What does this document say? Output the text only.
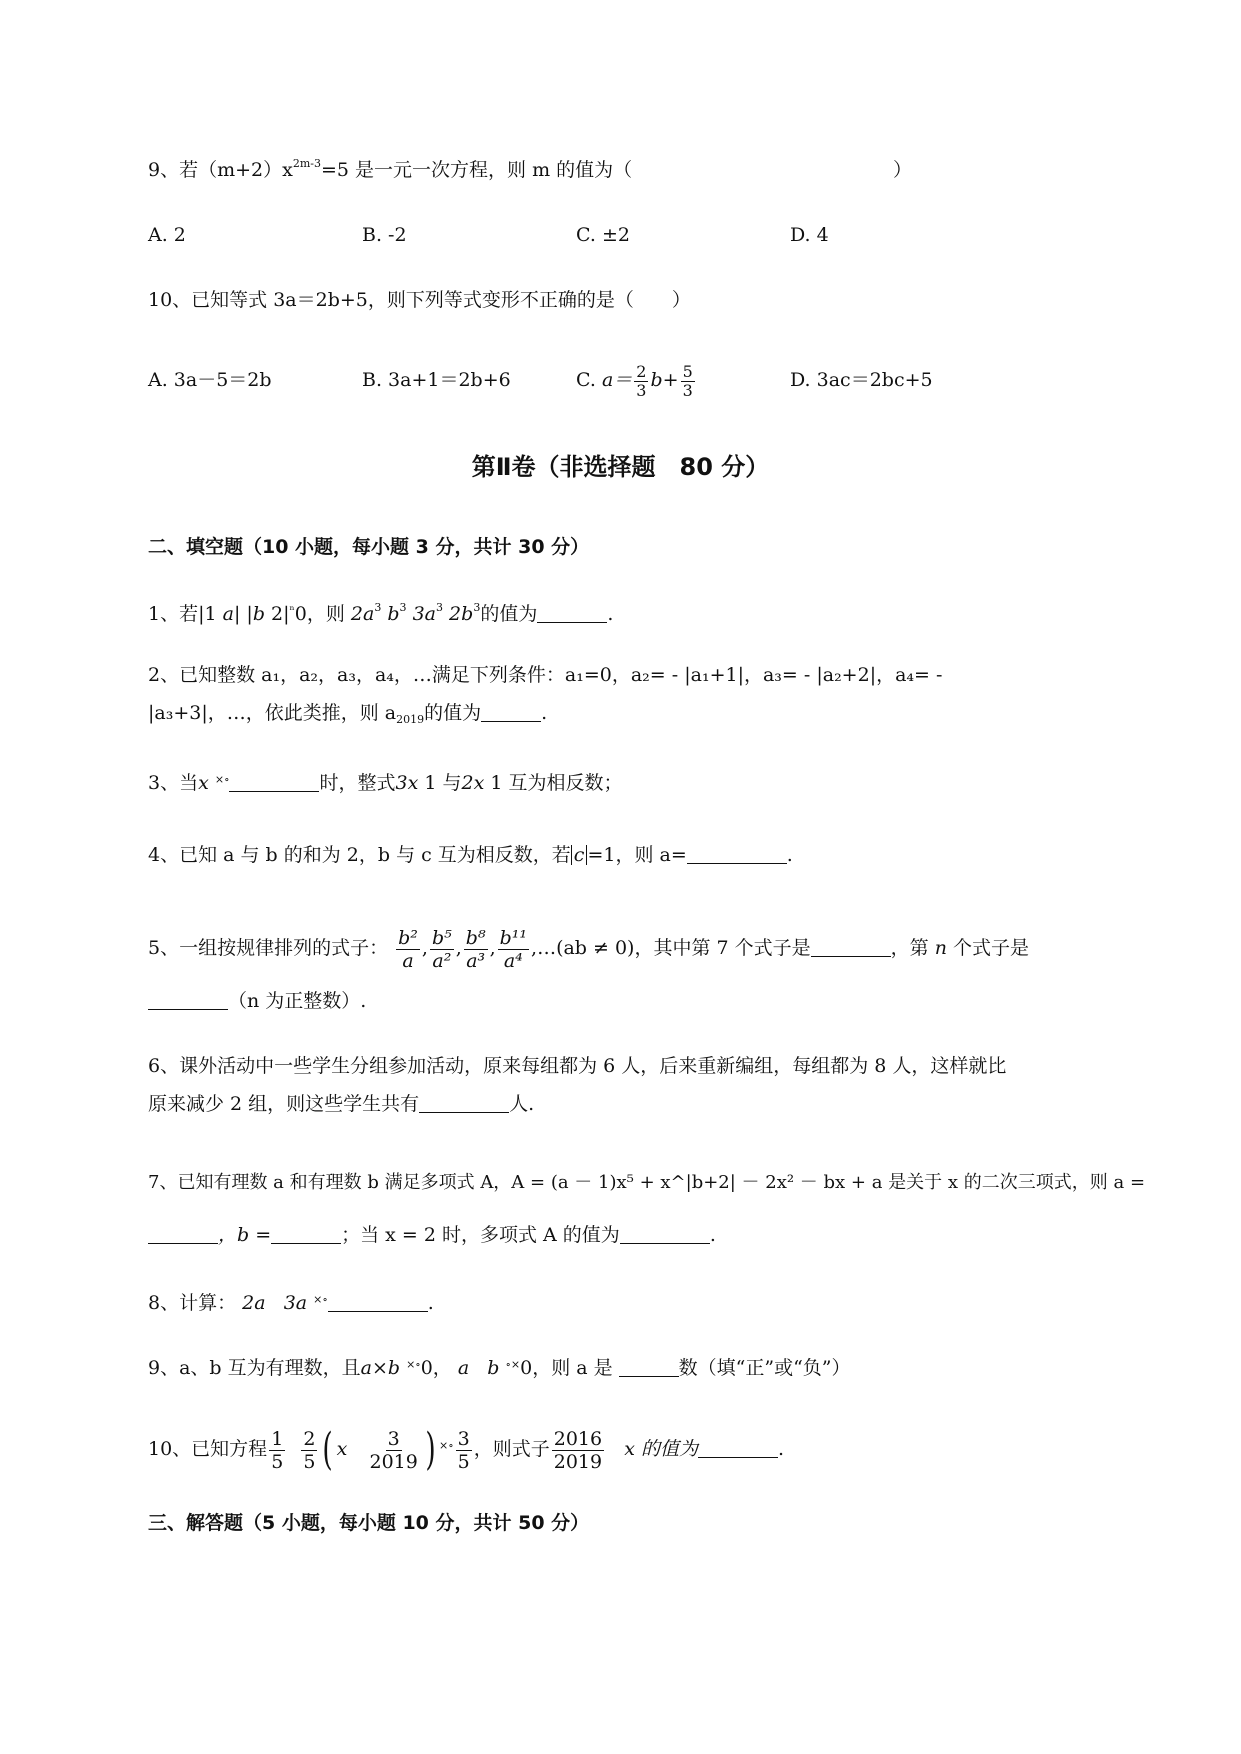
9、若$(m+2)x^{2m-3}=5$ 是一元一次方程，则 m 的值为（	）
A. 2	B. -2	C. ±2	D. 4
10、已知等式 3a＝2b+5，则下列等式变形不正确的是（　　）
A. 3a－5＝2b	B. 3a+1＝2b+6	C. $a= \frac{2}{3} b+ \frac{5}{3}$	D. 3ac＝2bc+5
第Ⅱ卷（非选择题　80 分）
二、填空题（10 小题，每小题 3 分，共计 30 分）
1、若|1 a| |b $2|^{^n}0$，则 $2a^3$ $b^3$ $3a^3$ $2b^3$的值为	.
2、已知整数 a₁，a₂，a₃，a₄，…满足下列条件：a₁=0，a₂= - |a₁+1|，a₃= - |a₂+2|，a₄= -
|a₃+3|，…，依此类推，则 $a_{2019}$的值为	.
3、当x ×∘	时，整式3x 1 与2x 1 互为相反数；
4、已知 a 与 b 的和为 2，b 与 c 互为相反数，若 c =1，则 a=	.
5、一组按规律排列的式子： $\frac{\text{b²}}{a}$ , $\frac{\text{b⁵}}{\text{a²}}$ , $\frac{\text{b⁸}}{\text{a³}}$ , $\frac{\text{b¹¹}}{\text{a⁴}}$ ,…(ab ≠ 0)，其中第 7 个式子是	，第 n 个式子是
（n 为正整数）.
6、课外活动中一些学生分组参加活动，原来每组都为 6 人，后来重新编组，每组都为 8 人，这样就比
原来减少 2 组，则这些学生共有	人.
7、已知有理数 a 和有理数 b 满足多项式 A，A = (a － 1)x⁵ + x^|b+2| － 2x² － bx + a 是关于 x 的二次三项式，则 a =
，b =	；当 x = 2 时，多项式 A 的值为	.
8、计算： 2a 3a ×∘	.
9、a、b 互为有理数，且a×b ×∘0， a b ∘×0，则 a 是	数（填“正”或“负”）
10、已知方程 $\frac{1}{5}$
$\frac{2}{5}$ ( x $\frac{3}{2019}$ ) $^{\times\circ} \frac{3}{5}$ ，则式子 $\frac{2016}{2019}$ x 的值为	.
三、解答题（5 小题，每小题 10 分，共计 50 分）
